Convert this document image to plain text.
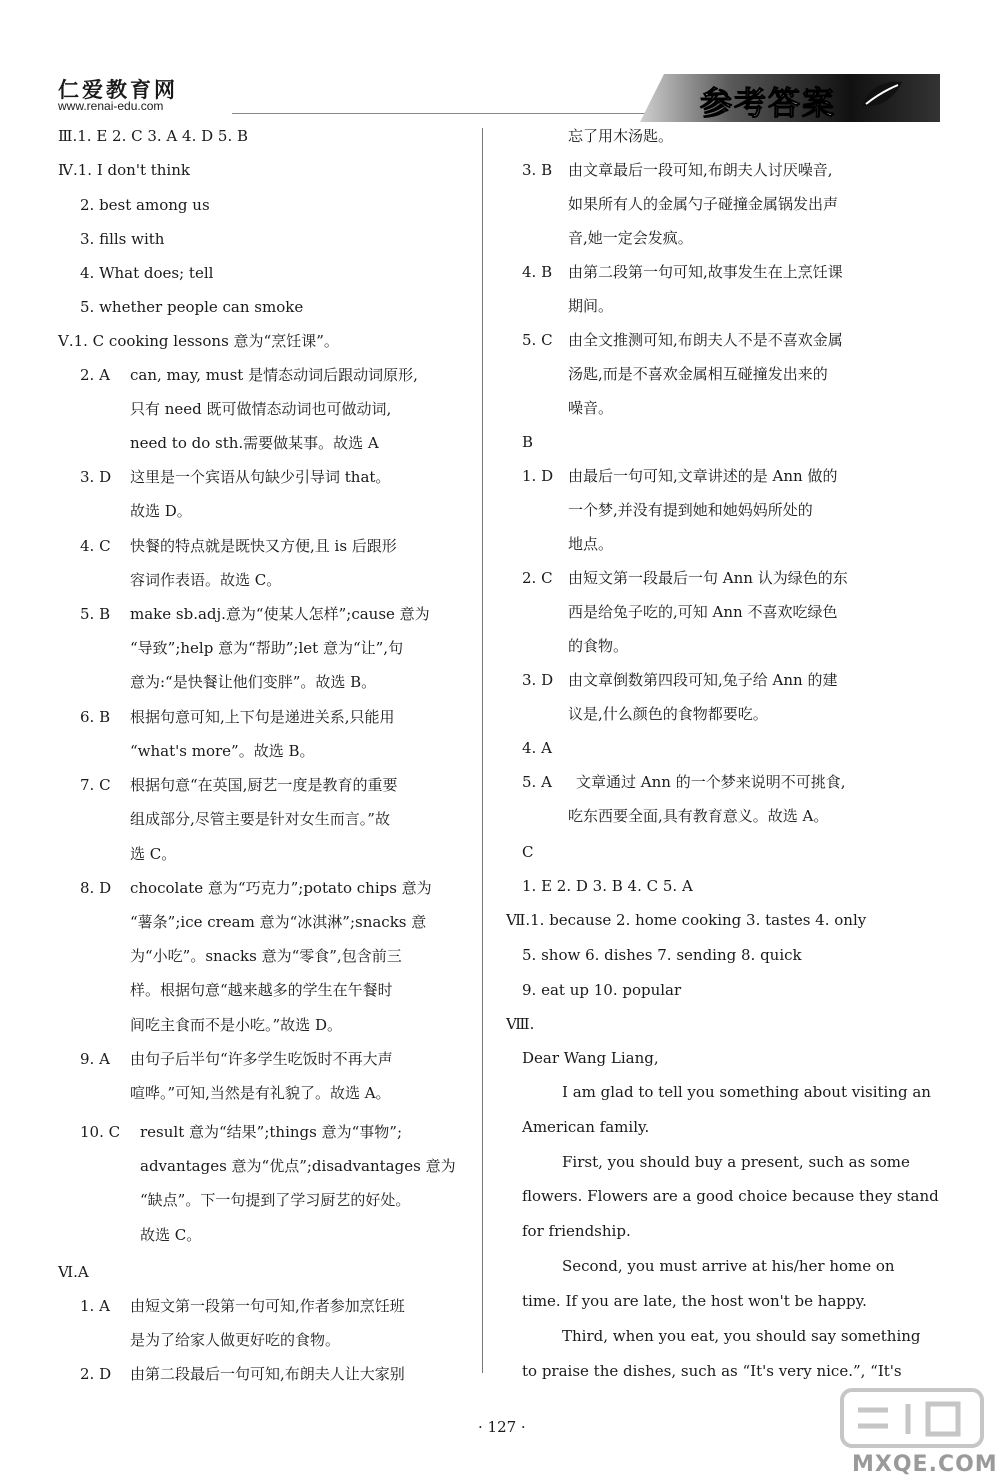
仁爱教育网
www.renai-edu.com	参考答案
Ⅲ.1. E 2. C 3. A 4. D 5. B
Ⅳ.1. I don't think
2. best among us
3. fills with
4. What does; tell
5. whether people can smoke
Ⅴ.1. C cooking lessons 意为“烹饪课”。
2. A can, may, must 是情态动词后跟动词原形,
只有 need 既可做情态动词也可做动词,
need to do sth.需要做某事。故选 A
3. D 这里是一个宾语从句缺少引导词 that。
故选 D。
4. C 快餐的特点就是既快又方便,且 is 后跟形
容词作表语。故选 C。
5. B make sb.adj.意为“使某人怎样”;cause 意为
“导致”;help 意为“帮助”;let 意为“让”,句
意为:“是快餐让他们变胖”。故选 B。
6. B 根据句意可知,上下句是递进关系,只能用
“what's more”。故选 B。
7. C 根据句意“在英国,厨艺一度是教育的重要
组成部分,尽管主要是针对女生而言。”故
选 C。
8. D chocolate 意为“巧克力”;potato chips 意为
“薯条”;ice cream 意为“冰淇淋”;snacks 意
为“小吃”。snacks 意为“零食”,包含前三
样。根据句意“越来越多的学生在午餐时
间吃主食而不是小吃。”故选 D。
9. A 由句子后半句“许多学生吃饭时不再大声
喧哗。”可知,当然是有礼貌了。故选 A。
10. C result 意为“结果”;things 意为“事物”;
advantages 意为“优点”;disadvantages 意为
“缺点”。下一句提到了学习厨艺的好处。
故选 C。
Ⅵ.A
1. A 由短文第一段第一句可知,作者参加烹饪班
是为了给家人做更好吃的食物。
2. D 由第二段最后一句可知,布朗夫人让大家别
忘了用木汤匙。
3. B 由文章最后一段可知,布朗夫人讨厌噪音,
如果所有人的金属勺子碰撞金属锅发出声
音,她一定会发疯。
4. B 由第二段第一句可知,故事发生在上烹饪课
期间。
5. C 由全文推测可知,布朗夫人不是不喜欢金属
汤匙,而是不喜欢金属相互碰撞发出来的
噪音。
B
1. D 由最后一句可知,文章讲述的是 Ann 做的
一个梦,并没有提到她和她妈妈所处的
地点。
2. C 由短文第一段最后一句 Ann 认为绿色的东
西是给兔子吃的,可知 Ann 不喜欢吃绿色
的食物。
3. D 由文章倒数第四段可知,兔子给 Ann 的建
议是,什么颜色的食物都要吃。
4. A
5. A 文章通过 Ann 的一个梦来说明不可挑食,
吃东西要全面,具有教育意义。故选 A。
C
1. E 2. D 3. B 4. C 5. A
Ⅶ.1. because 2. home cooking 3. tastes 4. only
5. show 6. dishes 7. sending 8. quick
9. eat up 10. popular
Ⅷ.
Dear Wang Liang,
I am glad to tell you something about visiting an
American family.
First, you should buy a present, such as some
flowers. Flowers are a good choice because they stand
for friendship.
Second, you must arrive at his/her home on
time. If you are late, the host won't be happy.
Third, when you eat, you should say something
to praise the dishes, such as “It's very nice.”, “It's
· 127 ·
MXQE.COM
